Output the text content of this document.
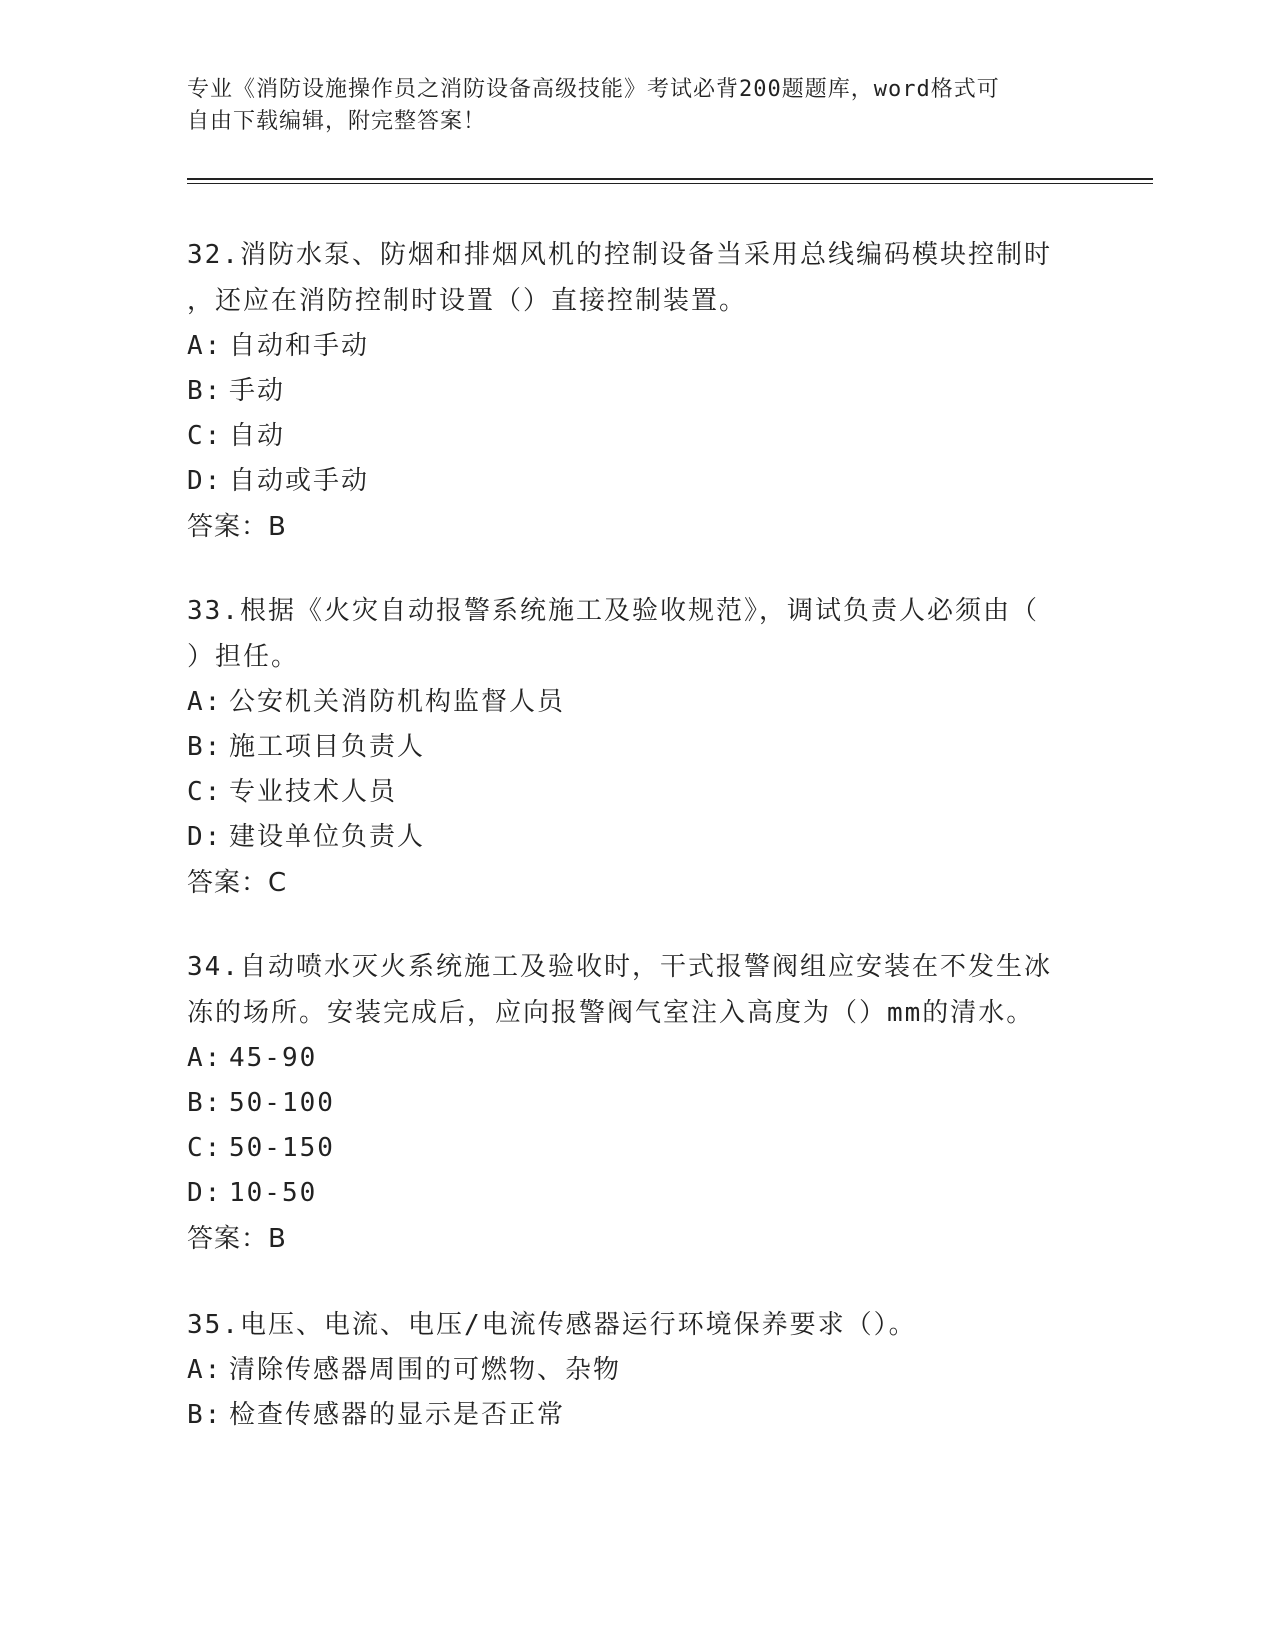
专业《消防设施操作员之消防设备高级技能》考试必背200题题库，word格式可
自由下载编辑，附完整答案！

32.消防水泵、防烟和排烟风机的控制设备当采用总线编码模块控制时

，还应在消防控制时设置（）直接控制装置。

A: 自动和手动

B: 手动

C: 自动

D: 自动或手动

答案：B

33.根据《火灾自动报警系统施工及验收规范》，调试负责人必须由（

）担任。

A: 公安机关消防机构监督人员

B: 施工项目负责人

C: 专业技术人员

D: 建设单位负责人

答案：C

34.自动喷水灭火系统施工及验收时，干式报警阀组应安装在不发生冰

冻的场所。安装完成后，应向报警阀气室注入高度为（）mm的清水。

A: 45-90

B: 50-100

C: 50-150

D: 10-50

答案：B

35.电压、电流、电压/电流传感器运行环境保养要求（）。

A: 清除传感器周围的可燃物、杂物

B: 检查传感器的显示是否正常
